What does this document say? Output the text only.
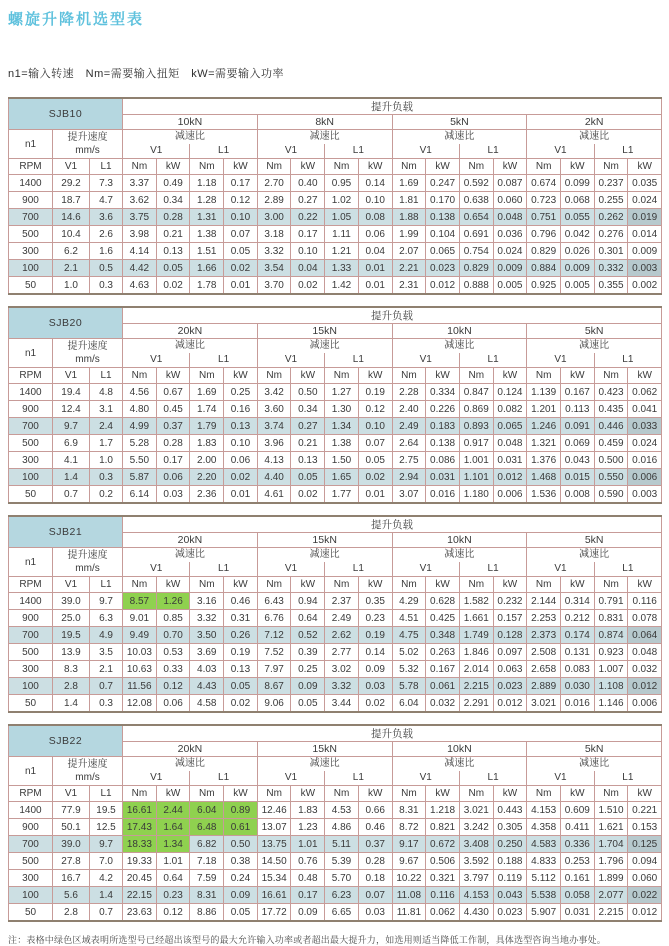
螺旋升降机选型表
n1=输入转速　Nm=需要输入扭矩　kW=需要输入功率
SJB10			提升负载															
			10kN				8kN				5kN				2kN			
n1	
提升速度
mm/s

减速比
V1	L1

减速比
V1	L1

减速比
V1	L1

减速比
V1	L1

RPM	V1	L1	Nm	kW	Nm	kW	Nm	kW	Nm	kW	Nm	kW	Nm	kW	Nm	kW	Nm	kW
1400	29.2	7.3	3.37	0.49	1.18	0.17	2.70	0.40	0.95	0.14	1.69	0.247	0.592	0.087	0.674	0.099	0.237	0.035
900	18.7	4.7	3.62	0.34	1.28	0.12	2.89	0.27	1.02	0.10	1.81	0.170	0.638	0.060	0.723	0.068	0.255	0.024
700	14.6	3.6	3.75	0.28	1.31	0.10	3.00	0.22	1.05	0.08	1.88	0.138	0.654	0.048	0.751	0.055	0.262	0.019
500	10.4	2.6	3.98	0.21	1.38	0.07	3.18	0.17	1.11	0.06	1.99	0.104	0.691	0.036	0.796	0.042	0.276	0.014
300	6.2	1.6	4.14	0.13	1.51	0.05	3.32	0.10	1.21	0.04	2.07	0.065	0.754	0.024	0.829	0.026	0.301	0.009
100	2.1	0.5	4.42	0.05	1.66	0.02	3.54	0.04	1.33	0.01	2.21	0.023	0.829	0.009	0.884	0.009	0.332	0.003
50	1.0	0.3	4.63	0.02	1.78	0.01	3.70	0.02	1.42	0.01	2.31	0.012	0.888	0.005	0.925	0.005	0.355	0.002
SJB20			提升负载															
			20kN				15kN				10kN				5kN			
n1	
提升速度
mm/s

减速比
V1	L1

减速比
V1	L1

减速比
V1	L1

减速比
V1	L1

RPM	V1	L1	Nm	kW	Nm	kW	Nm	kW	Nm	kW	Nm	kW	Nm	kW	Nm	kW	Nm	kW
1400	19.4	4.8	4.56	0.67	1.69	0.25	3.42	0.50	1.27	0.19	2.28	0.334	0.847	0.124	1.139	0.167	0.423	0.062
900	12.4	3.1	4.80	0.45	1.74	0.16	3.60	0.34	1.30	0.12	2.40	0.226	0.869	0.082	1.201	0.113	0.435	0.041
700	9.7	2.4	4.99	0.37	1.79	0.13	3.74	0.27	1.34	0.10	2.49	0.183	0.893	0.065	1.246	0.091	0.446	0.033
500	6.9	1.7	5.28	0.28	1.83	0.10	3.96	0.21	1.38	0.07	2.64	0.138	0.917	0.048	1.321	0.069	0.459	0.024
300	4.1	1.0	5.50	0.17	2.00	0.06	4.13	0.13	1.50	0.05	2.75	0.086	1.001	0.031	1.376	0.043	0.500	0.016
100	1.4	0.3	5.87	0.06	2.20	0.02	4.40	0.05	1.65	0.02	2.94	0.031	1.101	0.012	1.468	0.015	0.550	0.006
50	0.7	0.2	6.14	0.03	2.36	0.01	4.61	0.02	1.77	0.01	3.07	0.016	1.180	0.006	1.536	0.008	0.590	0.003
SJB21			提升负载															
			20kN				15kN				10kN				5kN			
n1	
提升速度
mm/s

减速比
V1	L1

减速比
V1	L1

减速比
V1	L1

减速比
V1	L1

RPM	V1	L1	Nm	kW	Nm	kW	Nm	kW	Nm	kW	Nm	kW	Nm	kW	Nm	kW	Nm	kW
1400	39.0	9.7	8.57	1.26	3.16	0.46	6.43	0.94	2.37	0.35	4.29	0.628	1.582	0.232	2.144	0.314	0.791	0.116
900	25.0	6.3	9.01	0.85	3.32	0.31	6.76	0.64	2.49	0.23	4.51	0.425	1.661	0.157	2.253	0.212	0.831	0.078
700	19.5	4.9	9.49	0.70	3.50	0.26	7.12	0.52	2.62	0.19	4.75	0.348	1.749	0.128	2.373	0.174	0.874	0.064
500	13.9	3.5	10.03	0.53	3.69	0.19	7.52	0.39	2.77	0.14	5.02	0.263	1.846	0.097	2.508	0.131	0.923	0.048
300	8.3	2.1	10.63	0.33	4.03	0.13	7.97	0.25	3.02	0.09	5.32	0.167	2.014	0.063	2.658	0.083	1.007	0.032
100	2.8	0.7	11.56	0.12	4.43	0.05	8.67	0.09	3.32	0.03	5.78	0.061	2.215	0.023	2.889	0.030	1.108	0.012
50	1.4	0.3	12.08	0.06	4.58	0.02	9.06	0.05	3.44	0.02	6.04	0.032	2.291	0.012	3.021	0.016	1.146	0.006
SJB22			提升负载															
			20kN				15kN				10kN				5kN			
n1	
提升速度
mm/s

减速比
V1	L1

减速比
V1	L1

减速比
V1	L1

减速比
V1	L1

RPM	V1	L1	Nm	kW	Nm	kW	Nm	kW	Nm	kW	Nm	kW	Nm	kW	Nm	kW	Nm	kW
1400	77.9	19.5	16.61	2.44	6.04	0.89	12.46	1.83	4.53	0.66	8.31	1.218	3.021	0.443	4.153	0.609	1.510	0.221
900	50.1	12.5	17.43	1.64	6.48	0.61	13.07	1.23	4.86	0.46	8.72	0.821	3.242	0.305	4.358	0.411	1.621	0.153
700	39.0	9.7	18.33	1.34	6.82	0.50	13.75	1.01	5.11	0.37	9.17	0.672	3.408	0.250	4.583	0.336	1.704	0.125
500	27.8	7.0	19.33	1.01	7.18	0.38	14.50	0.76	5.39	0.28	9.67	0.506	3.592	0.188	4.833	0.253	1.796	0.094
300	16.7	4.2	20.45	0.64	7.59	0.24	15.34	0.48	5.70	0.18	10.22	0.321	3.797	0.119	5.112	0.161	1.899	0.060
100	5.6	1.4	22.15	0.23	8.31	0.09	16.61	0.17	6.23	0.07	11.08	0.116	4.153	0.043	5.538	0.058	2.077	0.022
50	2.8	0.7	23.63	0.12	8.86	0.05	17.72	0.09	6.65	0.03	11.81	0.062	4.430	0.023	5.907	0.031	2.215	0.012
注：表格中绿色区域表明所选型号已经超出该型号的最大允许输入功率或者超出最大提升力，如选用则适当降低工作制，具体选型咨询当地办事处。
